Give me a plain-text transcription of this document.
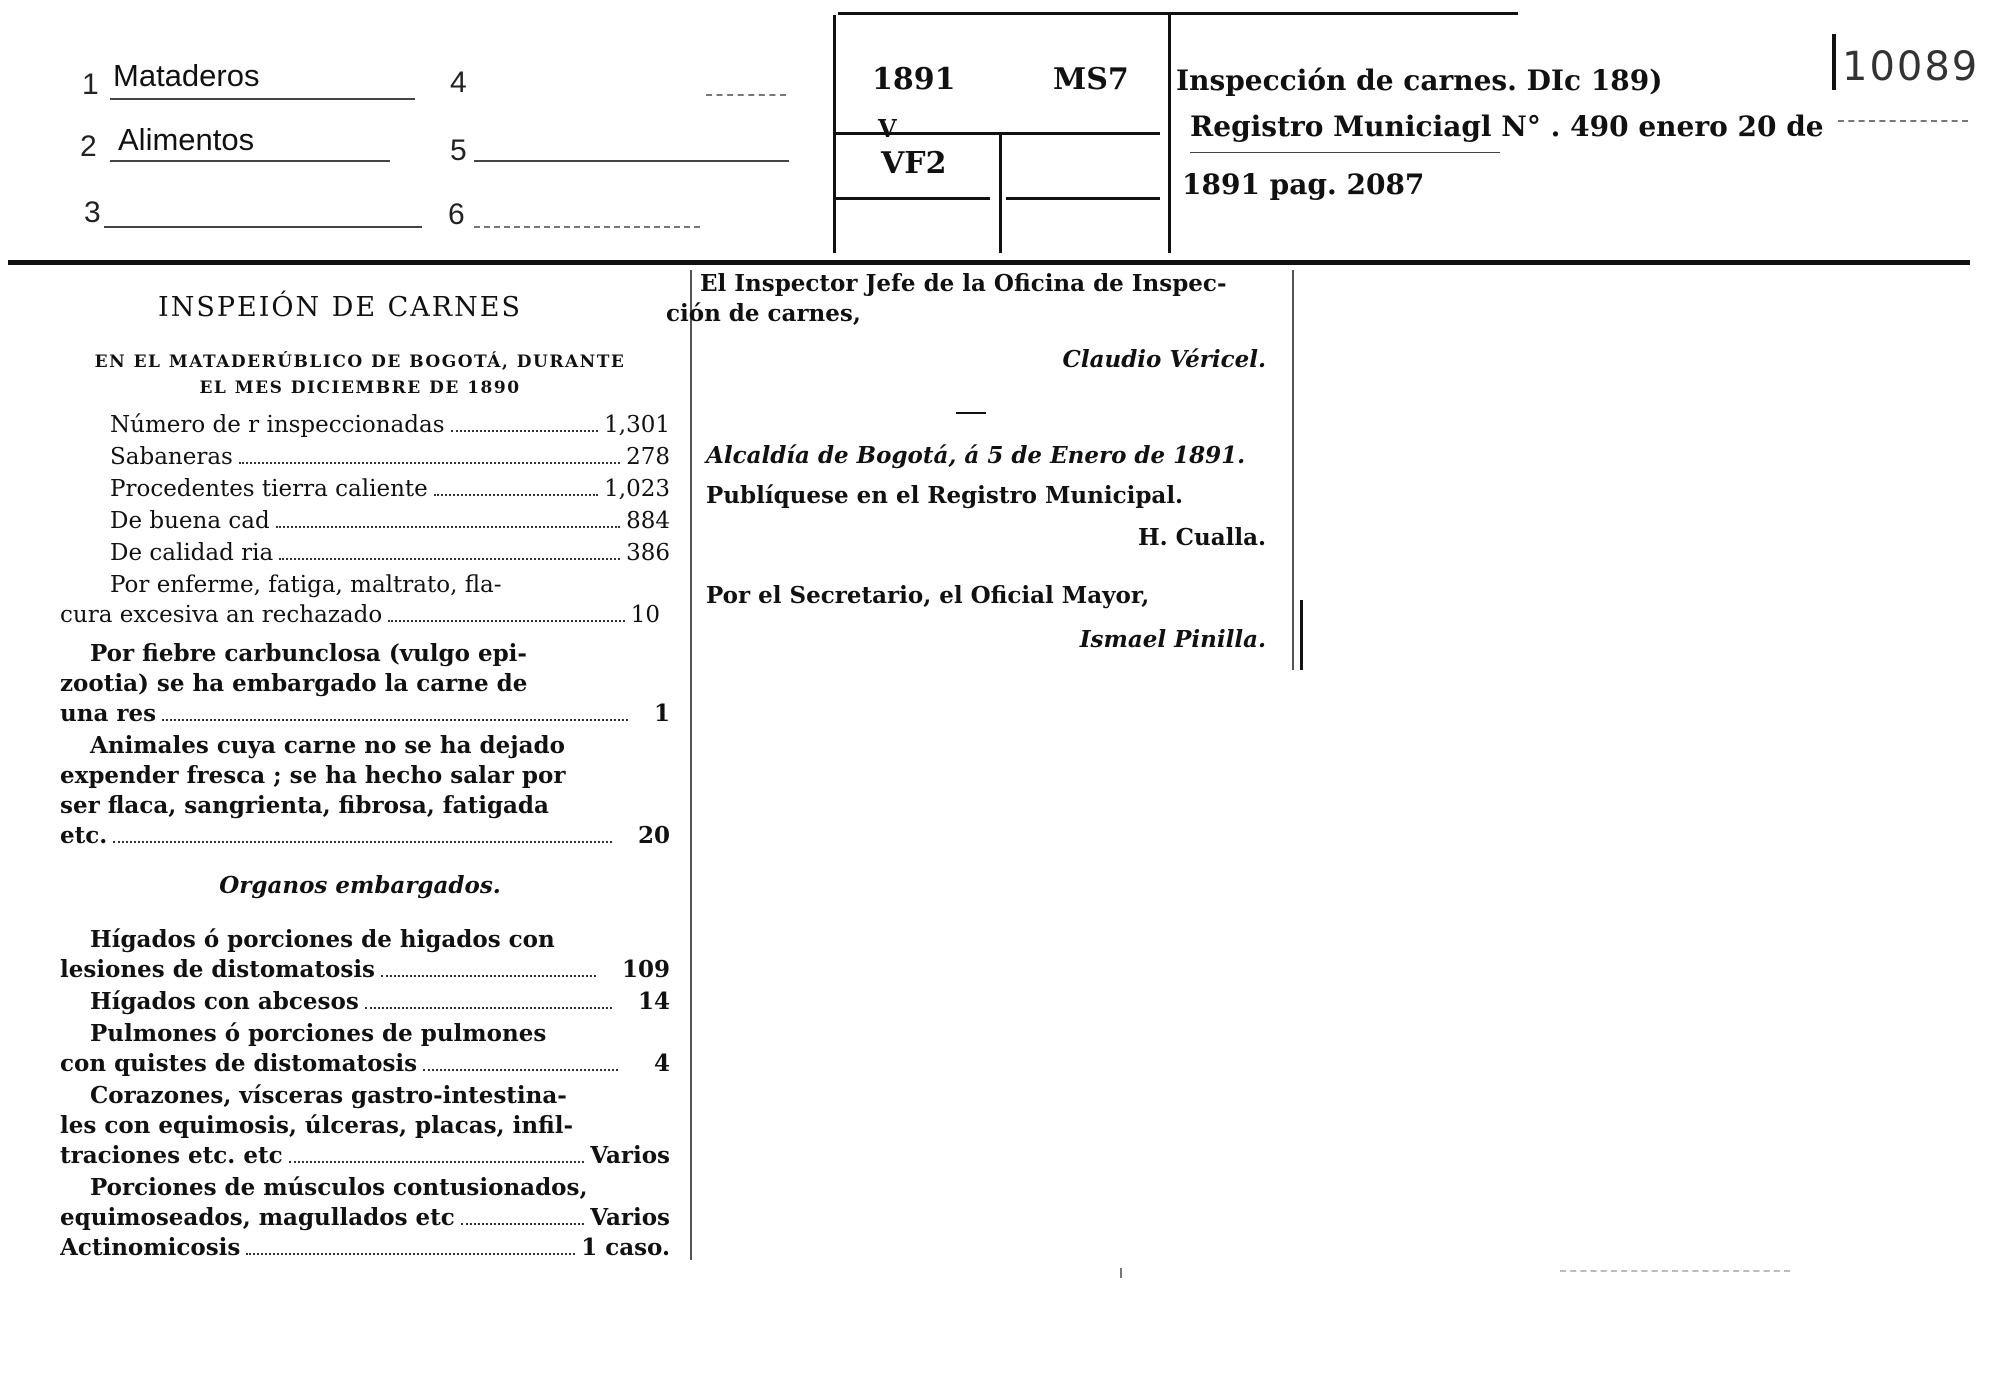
1 Mataderos
2 Alimentos
3
4
5
6
1891	MS7
V
VF2
Inspección de carnes. DIc 189)
Registro Municiagl N° . 490 enero 20 de
1891 pag. 2087
10089
INSPEIÓN DE CARNES
EN EL MATADERÚBLICO DE BOGOTÁ, DURANTE
EL MES DICIEMBRE DE 1890
Número de r inspeccionadas	1,301
Sabaneras	278
Procedentes tierra caliente	1,023
De buena cad	884
De calidad ria	386
Por enferme, fatiga, maltrato, fla-
cura excesiva an rechazado	10
Por fiebre carbunclosa (vulgo epi-
zootia) se ha embargado la carne de
una res	1
Animales cuya carne no se ha dejado
expender fresca ; se ha hecho salar por
ser flaca, sangrienta, fibrosa, fatigada
etc.	20
Organos embargados.
Hígados ó porciones de higados con
lesiones de distomatosis	109
Hígados con abcesos	14
Pulmones ó porciones de pulmones
con quistes de distomatosis	4
Corazones, vísceras gastro-intestina-
les con equimosis, úlceras, placas, infil-
traciones etc. etc	Varios
Porciones de músculos contusionados,
equimoseados, magullados etc	Varios
Actinomicosis	1 caso.
El Inspector Jefe de la Oficina de Inspec-
ción de carnes,
Claudio Véricel.
Alcaldía de Bogotá, á 5 de Enero de 1891.
Publíquese en el Registro Municipal.
H. Cualla.
Por el Secretario, el Oficial Mayor,
Ismael Pinilla.
